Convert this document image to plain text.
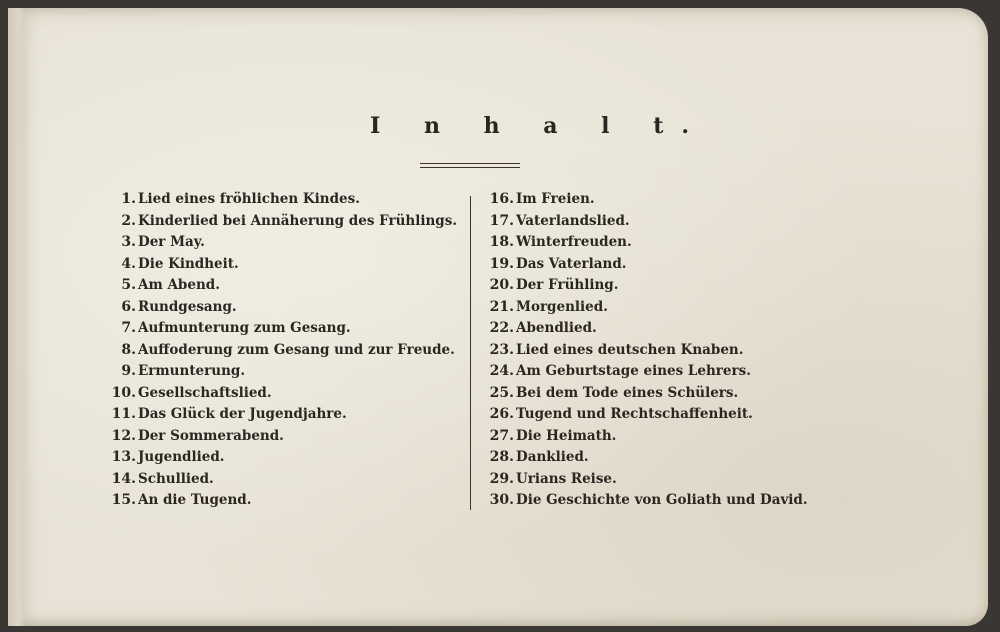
I n h a l t.
1. Lied eines fröhlichen Kindes.
2. Kinderlied bei Annäherung des Frühlings.
3. Der May.
4. Die Kindheit.
5. Am Abend.
6. Rundgesang.
7. Aufmunterung zum Gesang.
8. Auffoderung zum Gesang und zur Freude.
9. Ermunterung.
10. Gesellschaftslied.
11. Das Glück der Jugendjahre.
12. Der Sommerabend.
13. Jugendlied.
14. Schullied.
15. An die Tugend.
16. Im Freien.
17. Vaterlandslied.
18. Winterfreuden.
19. Das Vaterland.
20. Der Frühling.
21. Morgenlied.
22. Abendlied.
23. Lied eines deutschen Knaben.
24. Am Geburtstage eines Lehrers.
25. Bei dem Tode eines Schülers.
26. Tugend und Rechtschaffenheit.
27. Die Heimath.
28. Danklied.
29. Urians Reise.
30. Die Geschichte von Goliath und David.
